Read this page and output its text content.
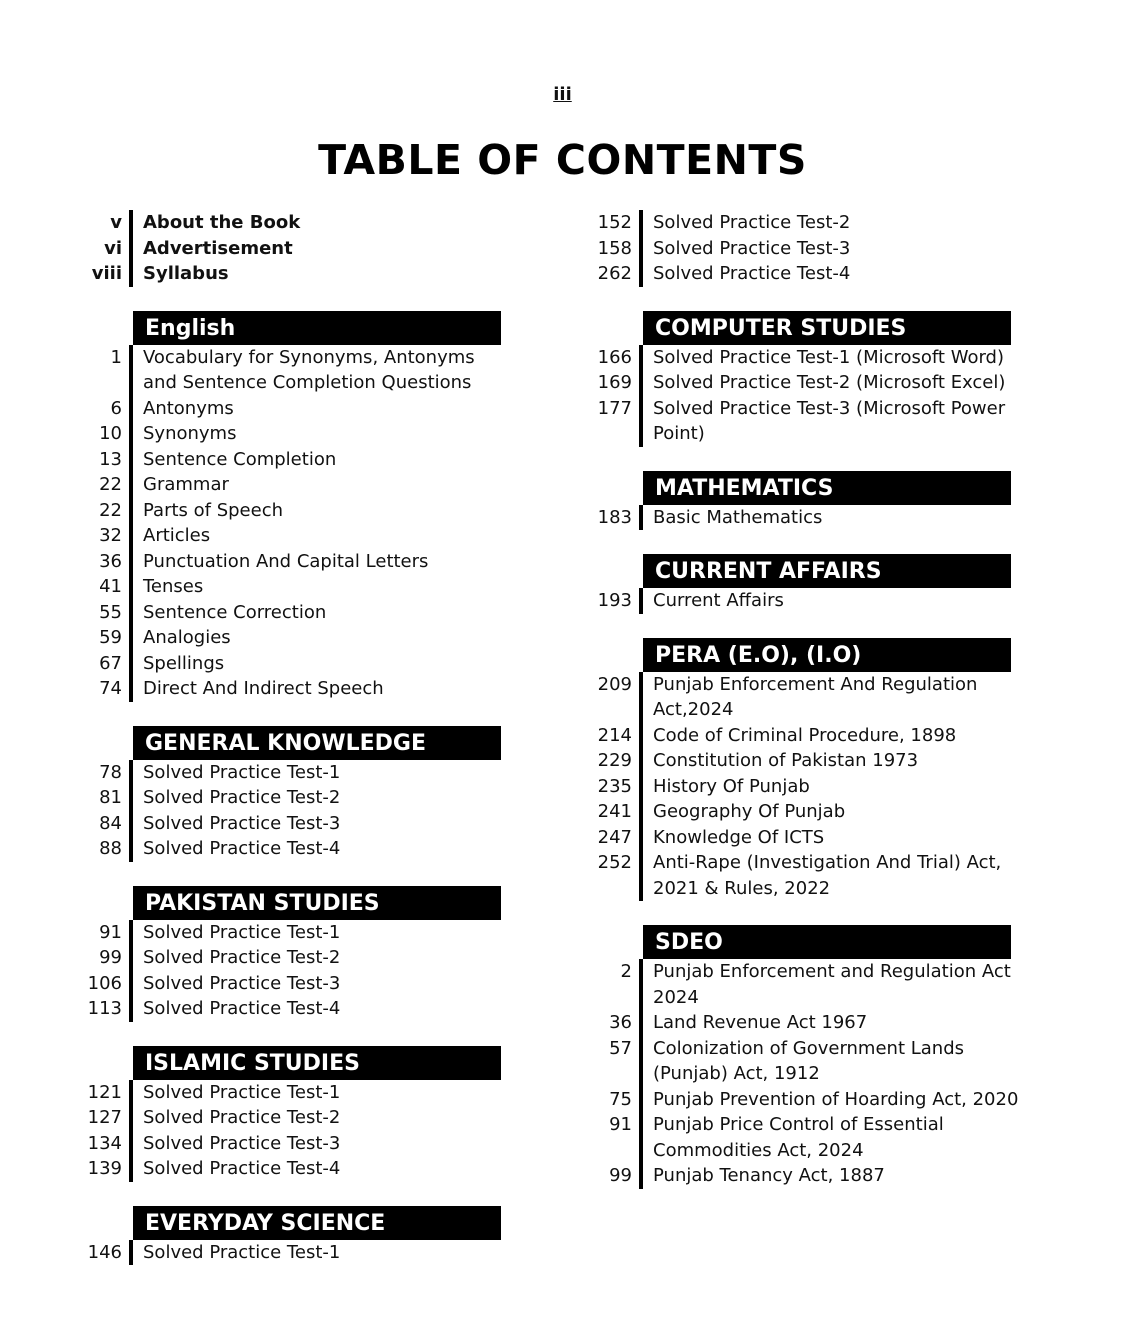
iii
TABLE OF CONTENTS
v About the Book
vi Advertisement
viii Syllabus
English
1 Vocabulary for Synonyms, Antonyms
and Sentence Completion Questions
6 Antonyms
10 Synonyms
13 Sentence Completion
22 Grammar
22 Parts of Speech
32 Articles
36 Punctuation And Capital Letters
41 Tenses
55 Sentence Correction
59 Analogies
67 Spellings
74 Direct And Indirect Speech
GENERAL KNOWLEDGE
78 Solved Practice Test-1
81 Solved Practice Test-2
84 Solved Practice Test-3
88 Solved Practice Test-4
PAKISTAN STUDIES
91 Solved Practice Test-1
99 Solved Practice Test-2
106 Solved Practice Test-3
113 Solved Practice Test-4
ISLAMIC STUDIES
121 Solved Practice Test-1
127 Solved Practice Test-2
134 Solved Practice Test-3
139 Solved Practice Test-4
EVERYDAY SCIENCE
146 Solved Practice Test-1
152 Solved Practice Test-2
158 Solved Practice Test-3
262 Solved Practice Test-4
COMPUTER STUDIES
166 Solved Practice Test-1 (Microsoft Word)
169 Solved Practice Test-2 (Microsoft Excel)
177 Solved Practice Test-3 (Microsoft Power
Point)
MATHEMATICS
183 Basic Mathematics
CURRENT AFFAIRS
193 Current Affairs
PERA (E.O), (I.O)
209 Punjab Enforcement And Regulation
Act,2024
214 Code of Criminal Procedure, 1898
229 Constitution of Pakistan 1973
235 History Of Punjab
241 Geography Of Punjab
247 Knowledge Of ICTS
252 Anti-Rape (Investigation And Trial) Act,
2021 & Rules, 2022
SDEO
2 Punjab Enforcement and Regulation Act
2024
36 Land Revenue Act 1967
57 Colonization of Government Lands
(Punjab) Act, 1912
75 Punjab Prevention of Hoarding Act, 2020
91 Punjab Price Control of Essential
Commodities Act, 2024
99 Punjab Tenancy Act, 1887
